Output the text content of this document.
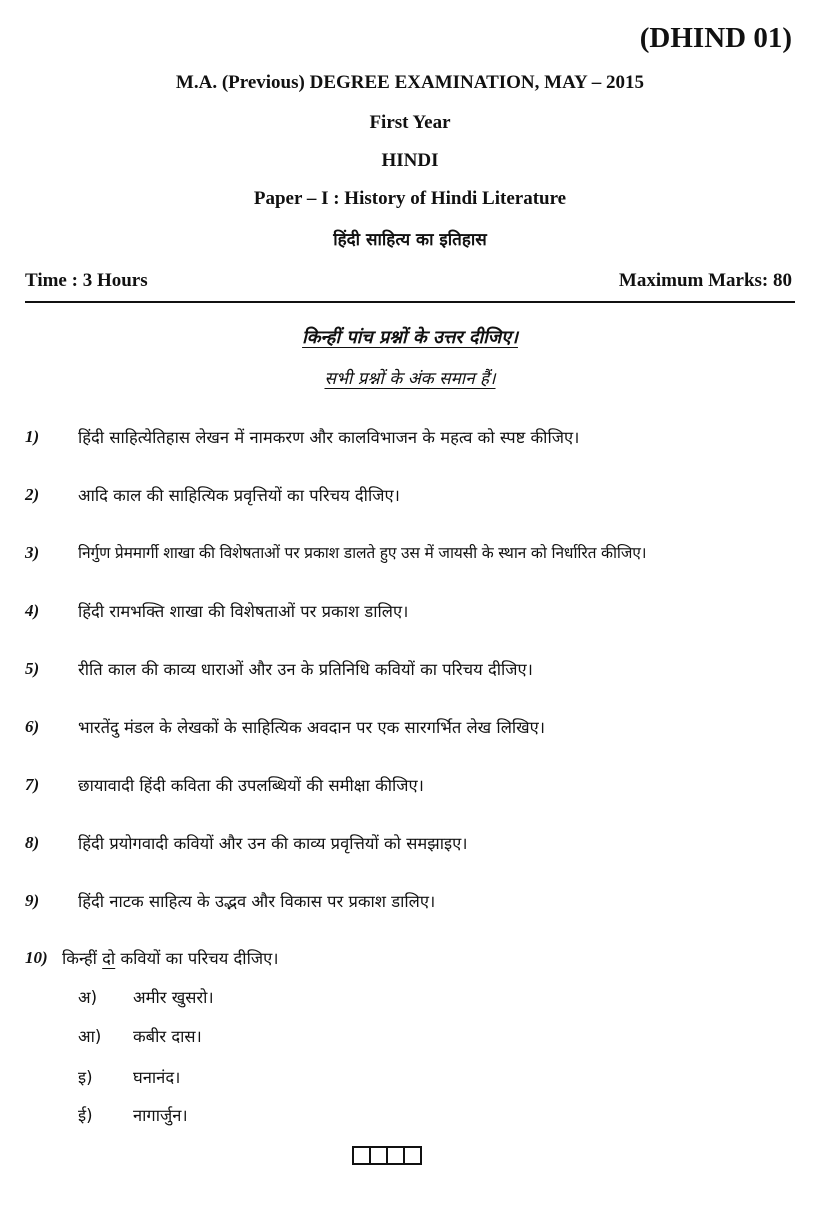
(DHIND 01)
M.A. (Previous) DEGREE EXAMINATION, MAY – 2015
First Year
HINDI
Paper – I : History of Hindi Literature
हिंदी साहित्य का इतिहास
Time : 3 Hours	Maximum Marks: 80
किन्हीं पांच प्रश्नों के उत्तर दीजिए।
सभी प्रश्नों के अंक समान हैं।
1) हिंदी साहित्येतिहास लेखन में नामकरण और कालविभाजन के महत्व को स्पष्ट कीजिए।
2) आदि काल की साहित्यिक प्रवृत्तियों का परिचय दीजिए।
3) निर्गुण प्रेममार्गी शाखा की विशेषताओं पर प्रकाश डालते हुए उस में जायसी के स्थान को निर्धारित कीजिए।
4) हिंदी रामभक्ति शाखा की विशेषताओं पर प्रकाश डालिए।
5) रीति काल की काव्य धाराओं और उन के प्रतिनिधि कवियों का परिचय दीजिए।
6) भारतेंदु मंडल के लेखकों के साहित्यिक अवदान पर एक सारगर्भित लेख लिखिए।
7) छायावादी हिंदी कविता की उपलब्धियों की समीक्षा कीजिए।
8) हिंदी प्रयोगवादी कवियों और उन की काव्य प्रवृत्तियों को समझाइए।
9) हिंदी नाटक साहित्य के उद्भव और विकास पर प्रकाश डालिए।
10) किन्हीं दो कवियों का परिचय दीजिए।
अ) अमीर खुसरो।
आ) कबीर दास।
इ) घनानंद।
ई) नागार्जुन।
